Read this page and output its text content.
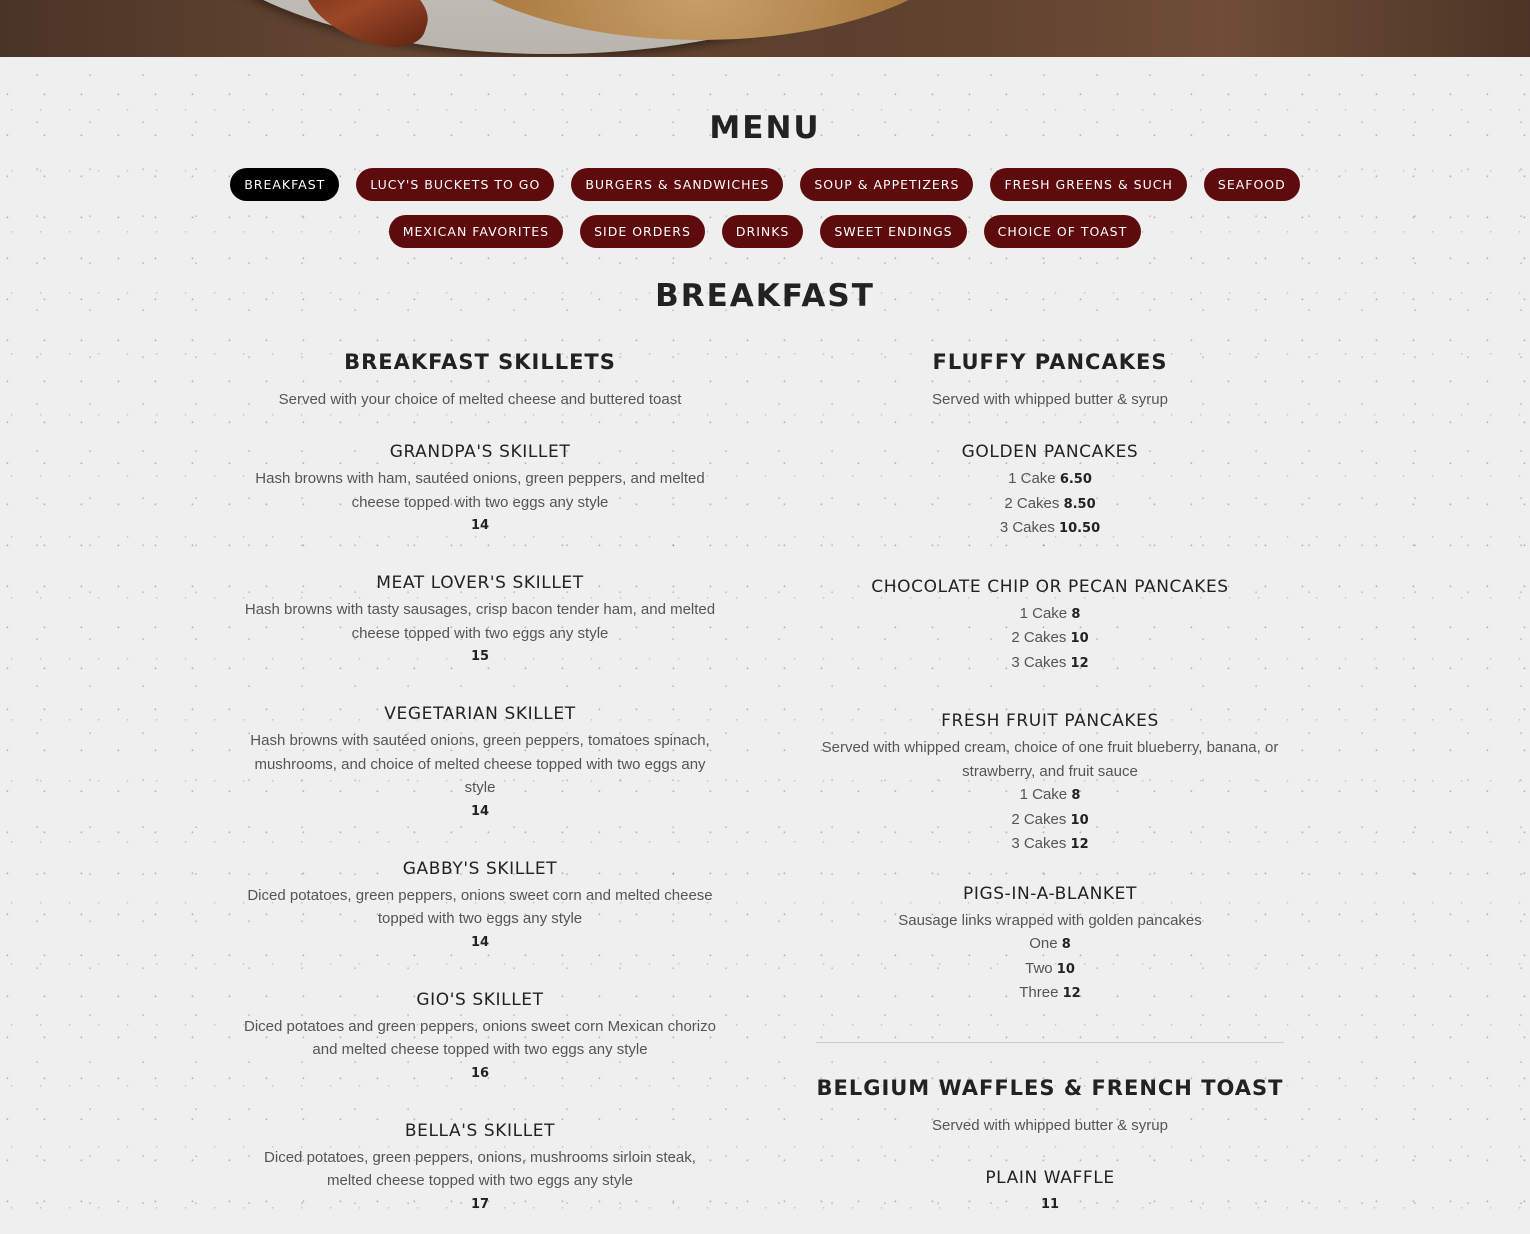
MENU
BREAKFAST	LUCY'S BUCKETS TO GO	BURGERS & SANDWICHES	SOUP & APPETIZERS	FRESH GREENS & SUCH	SEAFOOD
MEXICAN FAVORITES	SIDE ORDERS	DRINKS	SWEET ENDINGS	CHOICE OF TOAST
BREAKFAST
BREAKFAST SKILLETS
Served with your choice of melted cheese and buttered toast
GRANDPA'S SKILLET
Hash browns with ham, sautéed onions, green peppers, and melted cheese topped with two eggs any style
14
MEAT LOVER'S SKILLET
Hash browns with tasty sausages, crisp bacon tender ham, and melted cheese topped with two eggs any style
15
VEGETARIAN SKILLET
Hash browns with sautéed onions, green peppers, tomatoes spinach, mushrooms, and choice of melted cheese topped with two eggs any style
14
GABBY'S SKILLET
Diced potatoes, green peppers, onions sweet corn and melted cheese topped with two eggs any style
14
GIO'S SKILLET
Diced potatoes and green peppers, onions sweet corn Mexican chorizo and melted cheese topped with two eggs any style
16
BELLA'S SKILLET
Diced potatoes, green peppers, onions, mushrooms sirloin steak, melted cheese topped with two eggs any style
17
FLUFFY PANCAKES
Served with whipped butter & syrup
GOLDEN PANCAKES
1 Cake 6.50
2 Cakes 8.50
3 Cakes 10.50
CHOCOLATE CHIP OR PECAN PANCAKES
1 Cake 8
2 Cakes 10
3 Cakes 12
FRESH FRUIT PANCAKES
Served with whipped cream, choice of one fruit blueberry, banana, or strawberry, and fruit sauce
1 Cake 8
2 Cakes 10
3 Cakes 12
PIGS-IN-A-BLANKET
Sausage links wrapped with golden pancakes
One 8
Two 10
Three 12
BELGIUM WAFFLES & FRENCH TOAST
Served with whipped butter & syrup
PLAIN WAFFLE
11
